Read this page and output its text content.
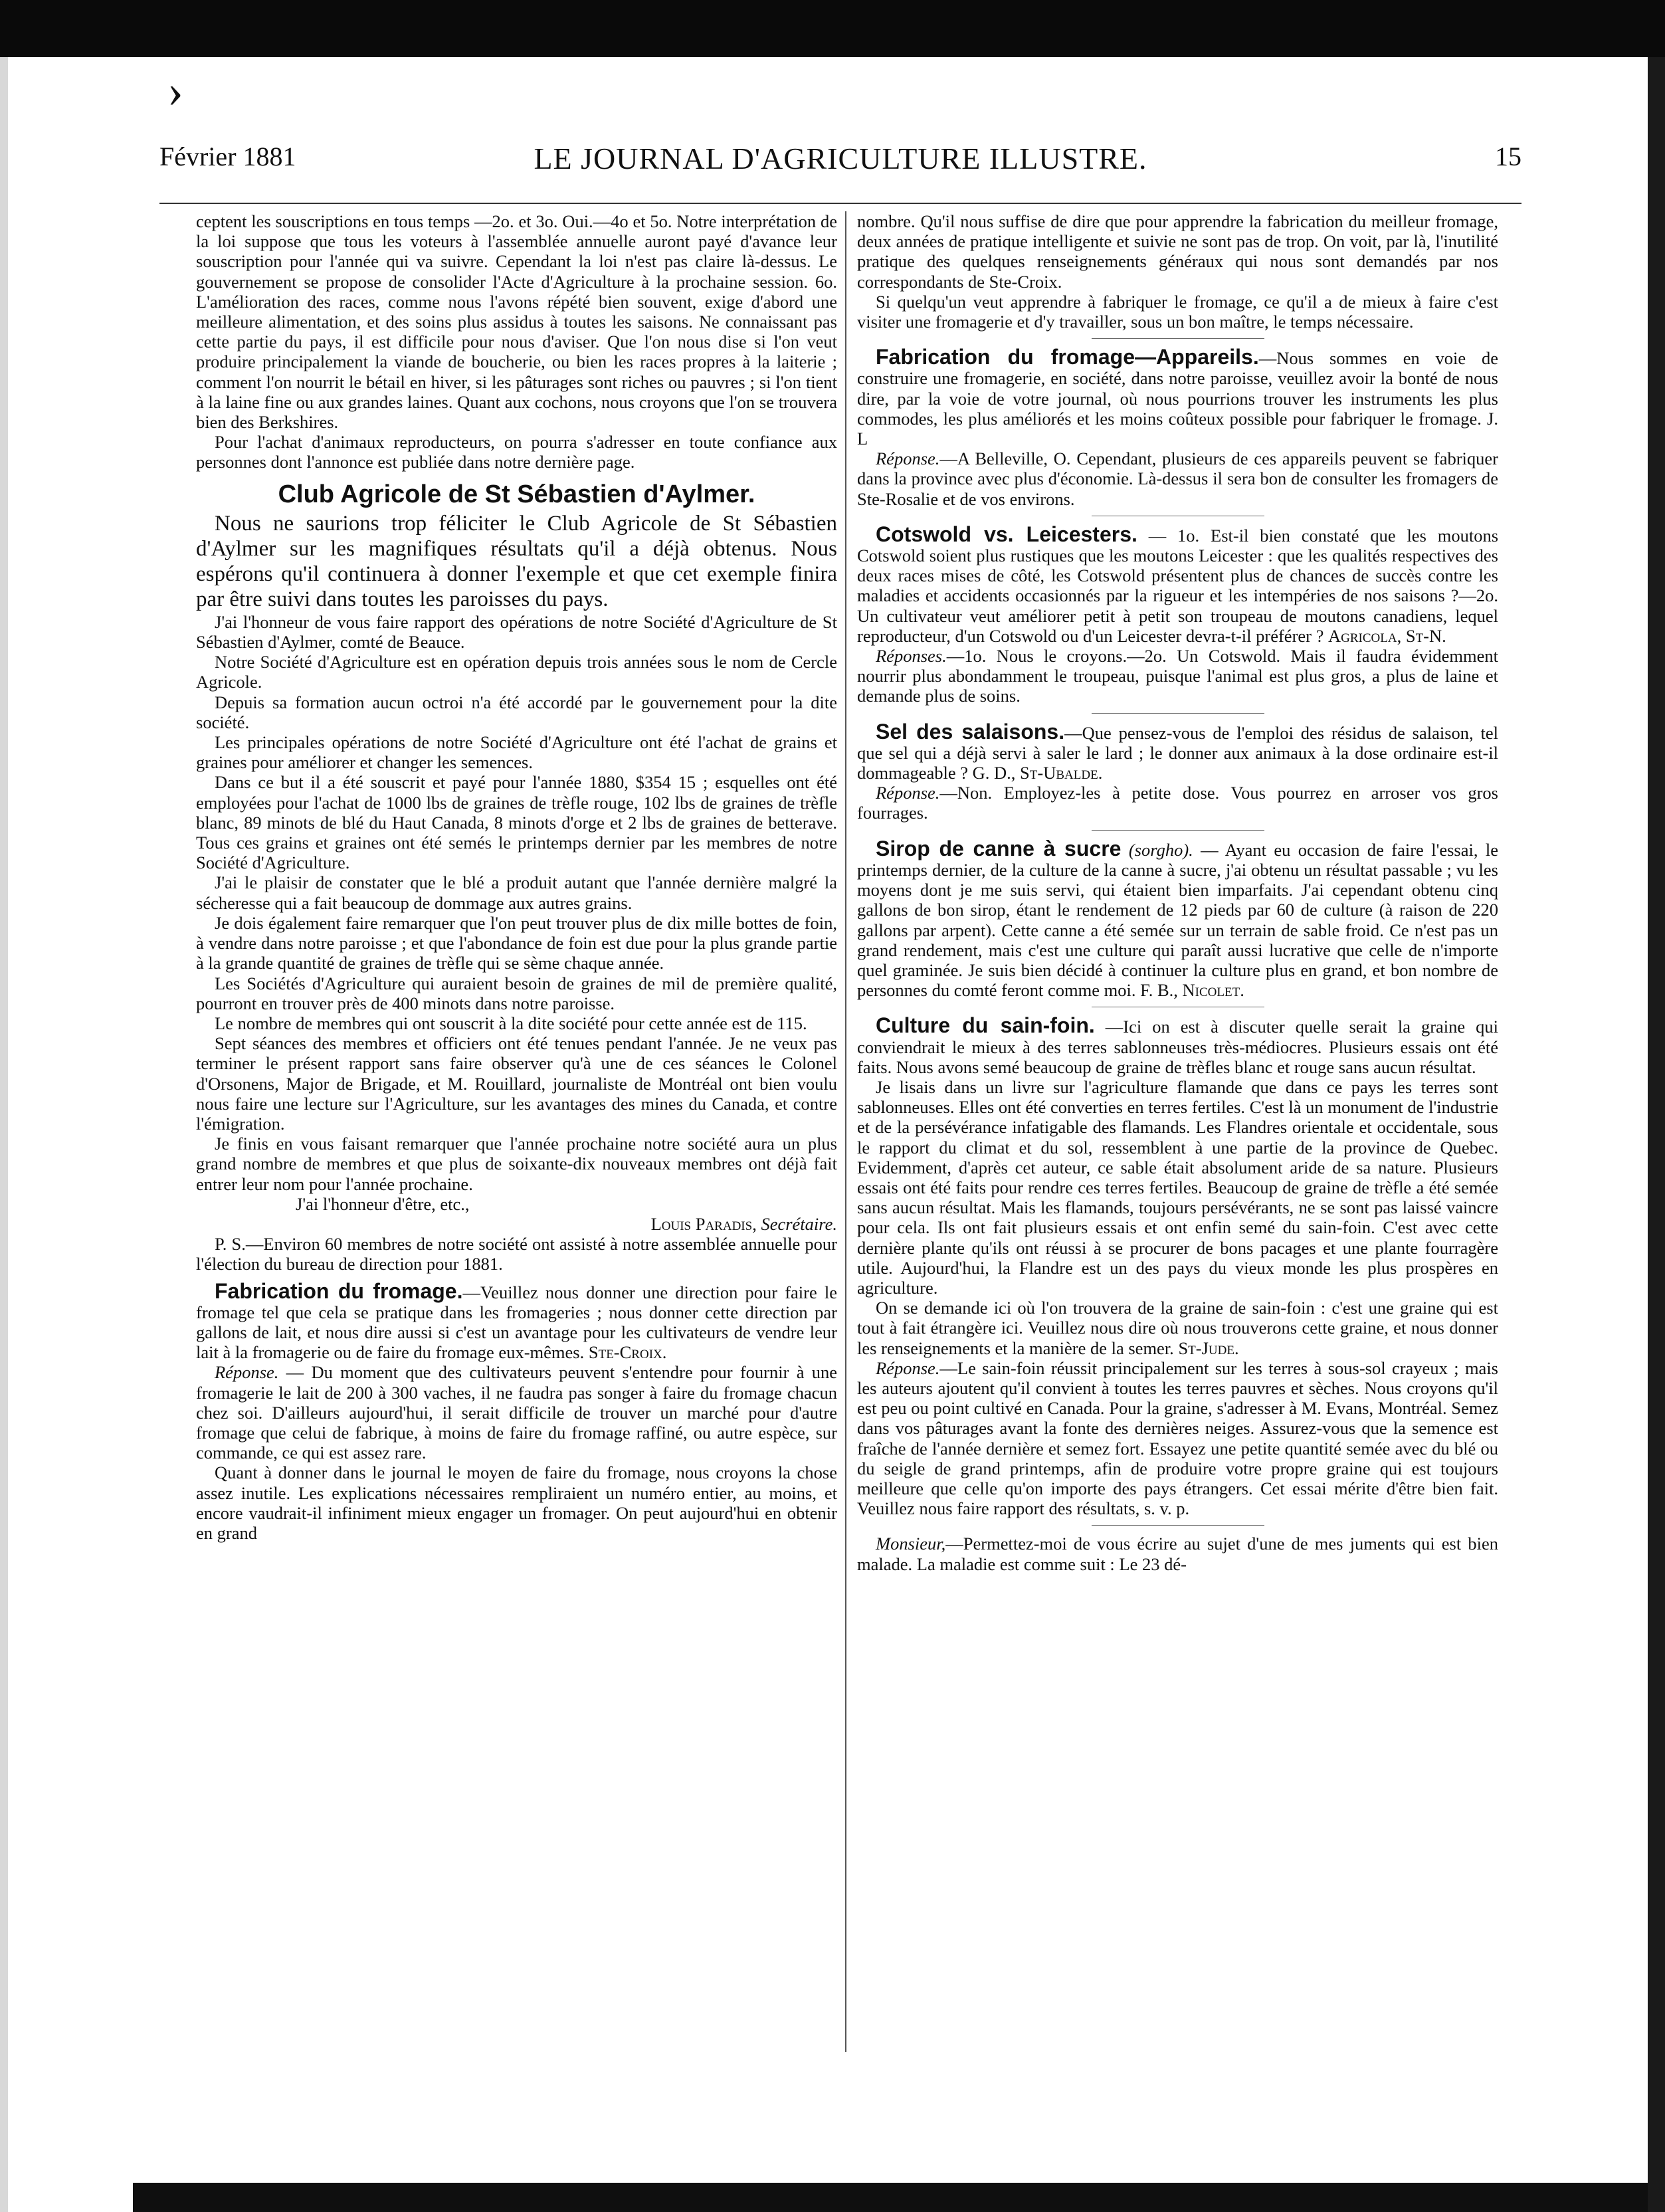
›
Février 1881	LE JOURNAL D'AGRICULTURE ILLUSTRE.	15

ceptent les souscriptions en tous temps —2o. et 3o. Oui.—4o et 5o. Notre interprétation de la loi suppose que tous les voteurs à l'assemblée annuelle auront payé d'avance leur souscription pour l'année qui va suivre. Cependant la loi n'est pas claire là-dessus. Le gouvernement se propose de consolider l'Acte d'Agriculture à la prochaine session. 6o. L'amélioration des races, comme nous l'avons répété bien souvent, exige d'abord une meilleure alimentation, et des soins plus assidus à toutes les saisons. Ne connaissant pas cette partie du pays, il est difficile pour nous d'aviser. Que l'on nous dise si l'on veut produire principalement la viande de boucherie, ou bien les races propres à la laiterie ; comment l'on nourrit le bétail en hiver, si les pâturages sont riches ou pauvres ; si l'on tient à la laine fine ou aux grandes laines. Quant aux cochons, nous croyons que l'on se trouvera bien des Berkshires.

Pour l'achat d'animaux reproducteurs, on pourra s'adresser en toute confiance aux personnes dont l'annonce est publiée dans notre dernière page.

Club Agricole de St Sébastien d'Aylmer.

Nous ne saurions trop féliciter le Club Agricole de St Sébastien d'Aylmer sur les magnifiques résultats qu'il a déjà obtenus. Nous espérons qu'il continuera à donner l'exemple et que cet exemple finira par être suivi dans toutes les paroisses du pays.

J'ai l'honneur de vous faire rapport des opérations de notre Société d'Agriculture de St Sébastien d'Aylmer, comté de Beauce.

Notre Société d'Agriculture est en opération depuis trois années sous le nom de Cercle Agricole.

Depuis sa formation aucun octroi n'a été accordé par le gouvernement pour la dite société.

Les principales opérations de notre Société d'Agriculture ont été l'achat de grains et graines pour améliorer et changer les semences.

Dans ce but il a été souscrit et payé pour l'année 1880, $354 15 ; esquelles ont été employées pour l'achat de 1000 lbs de graines de trèfle rouge, 102 lbs de graines de trèfle blanc, 89 minots de blé du Haut Canada, 8 minots d'orge et 2 lbs de graines de betterave. Tous ces grains et graines ont été semés le printemps dernier par les membres de notre Société d'Agriculture.

J'ai le plaisir de constater que le blé a produit autant que l'année dernière malgré la sécheresse qui a fait beaucoup de dommage aux autres grains.

Je dois également faire remarquer que l'on peut trouver plus de dix mille bottes de foin, à vendre dans notre paroisse ; et que l'abondance de foin est due pour la plus grande partie à la grande quantité de graines de trèfle qui se sème chaque année.

Les Sociétés d'Agriculture qui auraient besoin de graines de mil de première qualité, pourront en trouver près de 400 minots dans notre paroisse.

Le nombre de membres qui ont souscrit à la dite société pour cette année est de 115.

Sept séances des membres et officiers ont été tenues pendant l'année. Je ne veux pas terminer le présent rapport sans faire observer qu'à une de ces séances le Colonel d'Orsonens, Major de Brigade, et M. Rouillard, journaliste de Montréal ont bien voulu nous faire une lecture sur l'Agriculture, sur les avantages des mines du Canada, et contre l'émigration.

Je finis en vous faisant remarquer que l'année prochaine notre société aura un plus grand nombre de membres et que plus de soixante-dix nouveaux membres ont déjà fait entrer leur nom pour l'année prochaine.

J'ai l'honneur d'être, etc.,

Louis Paradis, Secrétaire.

P. S.—Environ 60 membres de notre société ont assisté à notre assemblée annuelle pour l'élection du bureau de direction pour 1881.

Fabrication du fromage.—Veuillez nous donner une direction pour faire le fromage tel que cela se pratique dans les fromageries ; nous donner cette direction par gallons de lait, et nous dire aussi si c'est un avantage pour les cultivateurs de vendre leur lait à la fromagerie ou de faire du fromage eux-mêmes. Ste-Croix.

Réponse. — Du moment que des cultivateurs peuvent s'entendre pour fournir à une fromagerie le lait de 200 à 300 vaches, il ne faudra pas songer à faire du fromage chacun chez soi. D'ailleurs aujourd'hui, il serait difficile de trouver un marché pour d'autre fromage que celui de fabrique, à moins de faire du fromage raffiné, ou autre espèce, sur commande, ce qui est assez rare.

Quant à donner dans le journal le moyen de faire du fromage, nous croyons la chose assez inutile. Les explications nécessaires rempliraient un numéro entier, au moins, et encore vaudrait-il infiniment mieux engager un fromager. On peut aujourd'hui en obtenir en grand

nombre. Qu'il nous suffise de dire que pour apprendre la fabrication du meilleur fromage, deux années de pratique intelligente et suivie ne sont pas de trop. On voit, par là, l'inutilité pratique des quelques renseignements généraux qui nous sont demandés par nos correspondants de Ste-Croix.

Si quelqu'un veut apprendre à fabriquer le fromage, ce qu'il a de mieux à faire c'est visiter une fromagerie et d'y travailler, sous un bon maître, le temps nécessaire.

Fabrication du fromage—Appareils.—Nous sommes en voie de construire une fromagerie, en société, dans notre paroisse, veuillez avoir la bonté de nous dire, par la voie de votre journal, où nous pourrions trouver les instruments les plus commodes, les plus améliorés et les moins coûteux possible pour fabriquer le fromage. J. L

Réponse.—A Belleville, O. Cependant, plusieurs de ces appareils peuvent se fabriquer dans la province avec plus d'économie. Là-dessus il sera bon de consulter les fromagers de Ste-Rosalie et de vos environs.

Cotswold vs. Leicesters. — 1o. Est-il bien constaté que les moutons Cotswold soient plus rustiques que les moutons Leicester : que les qualités respectives des deux races mises de côté, les Cotswold présentent plus de chances de succès contre les maladies et accidents occasionnés par la rigueur et les intempéries de nos saisons ?—2o. Un cultivateur veut améliorer petit à petit son troupeau de moutons canadiens, lequel reproducteur, d'un Cotswold ou d'un Leicester devra-t-il préférer ? Agricola, St-N.

Réponses.—1o. Nous le croyons.—2o. Un Cotswold. Mais il faudra évidemment nourrir plus abondamment le troupeau, puisque l'animal est plus gros, a plus de laine et demande plus de soins.

Sel des salaisons.—Que pensez-vous de l'emploi des résidus de salaison, tel que sel qui a déjà servi à saler le lard ; le donner aux animaux à la dose ordinaire est-il dommageable ? G. D., St-Ubalde.

Réponse.—Non. Employez-les à petite dose. Vous pourrez en arroser vos gros fourrages.

Sirop de canne à sucre (sorgho). — Ayant eu occasion de faire l'essai, le printemps dernier, de la culture de la canne à sucre, j'ai obtenu un résultat passable ; vu les moyens dont je me suis servi, qui étaient bien imparfaits. J'ai cependant obtenu cinq gallons de bon sirop, étant le rendement de 12 pieds par 60 de culture (à raison de 220 gallons par arpent). Cette canne a été semée sur un terrain de sable froid. Ce n'est pas un grand rendement, mais c'est une culture qui paraît aussi lucrative que celle de n'importe quel graminée. Je suis bien décidé à continuer la culture plus en grand, et bon nombre de personnes du comté feront comme moi. F. B., Nicolet.

Culture du sain-foin. —Ici on est à discuter quelle serait la graine qui conviendrait le mieux à des terres sablonneuses très-médiocres. Plusieurs essais ont été faits. Nous avons semé beaucoup de graine de trèfles blanc et rouge sans aucun résultat.

Je lisais dans un livre sur l'agriculture flamande que dans ce pays les terres sont sablonneuses. Elles ont été converties en terres fertiles. C'est là un monument de l'industrie et de la persévérance infatigable des flamands. Les Flandres orientale et occidentale, sous le rapport du climat et du sol, ressemblent à une partie de la province de Quebec. Evidemment, d'après cet auteur, ce sable était absolument aride de sa nature. Plusieurs essais ont été faits pour rendre ces terres fertiles. Beaucoup de graine de trèfle a été semée sans aucun résultat. Mais les flamands, toujours persévérants, ne se sont pas laissé vaincre pour cela. Ils ont fait plusieurs essais et ont enfin semé du sain-foin. C'est avec cette dernière plante qu'ils ont réussi à se procurer de bons pacages et une plante fourragère utile. Aujourd'hui, la Flandre est un des pays du vieux monde les plus prospères en agriculture.

On se demande ici où l'on trouvera de la graine de sain-foin : c'est une graine qui est tout à fait étrangère ici. Veuillez nous dire où nous trouverons cette graine, et nous donner les renseignements et la manière de la semer. St-Jude.

Réponse.—Le sain-foin réussit principalement sur les terres à sous-sol crayeux ; mais les auteurs ajoutent qu'il convient à toutes les terres pauvres et sèches. Nous croyons qu'il est peu ou point cultivé en Canada. Pour la graine, s'adresser à M. Evans, Montréal. Semez dans vos pâturages avant la fonte des dernières neiges. Assurez-vous que la semence est fraîche de l'année dernière et semez fort. Essayez une petite quantité semée avec du blé ou du seigle de grand printemps, afin de produire votre propre graine qui est toujours meilleure que celle qu'on importe des pays étrangers. Cet essai mérite d'être bien fait. Veuillez nous faire rapport des résultats, s. v. p.

Monsieur,—Permettez-moi de vous écrire au sujet d'une de mes juments qui est bien malade. La maladie est comme suit : Le 23 dé-
